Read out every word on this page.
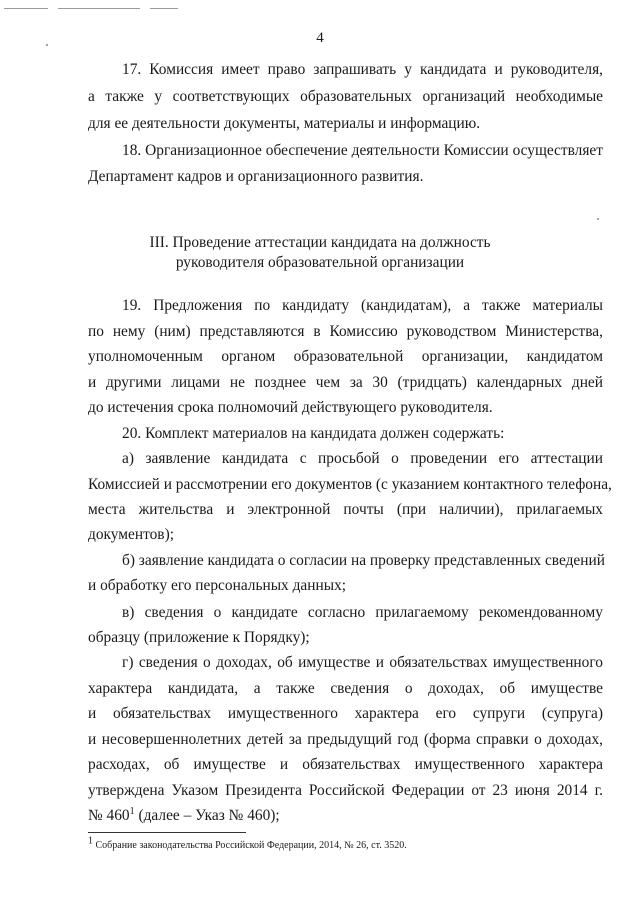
4

17. Комиссия имеет право запрашивать у кандидата и руководителя,

а также у соответствующих образовательных организаций необходимые

для ее деятельности документы, материалы и информацию.

18. Организационное обеспечение деятельности Комиссии осуществляет

Департамент кадров и организационного развития.

III. Проведение аттестации кандидата на должность

руководителя образовательной организации

19. Предложения по кандидату (кандидатам), а также материалы

по нему (ним) представляются в Комиссию руководством Министерства,

уполномоченным органом образовательной организации, кандидатом

и другими лицами не позднее чем за 30 (тридцать) календарных дней

до истечения срока полномочий действующего руководителя.

20. Комплект материалов на кандидата должен содержать:

а) заявление кандидата с просьбой о проведении его аттестации

Комиссией и рассмотрении его документов (с указанием контактного телефона,

места жительства и электронной почты (при наличии), прилагаемых

документов);

б) заявление кандидата о согласии на проверку представленных сведений

и обработку его персональных данных;

в) сведения о кандидате согласно прилагаемому рекомендованному

образцу (приложение к Порядку);

г) сведения о доходах, об имуществе и обязательствах имущественного

характера кандидата, а также сведения о доходах, об имуществе

и обязательствах имущественного характера его супруги (супруга)

и несовершеннолетних детей за предыдущий год (форма справки о доходах,

расходах, об имуществе и обязательствах имущественного характера

утверждена Указом Президента Российской Федерации от 23 июня 2014 г.

№ $460^1$ (далее – Указ № 460);

1 Собрание законодательства Российской Федерации, 2014, № 26, ст. 3520.
